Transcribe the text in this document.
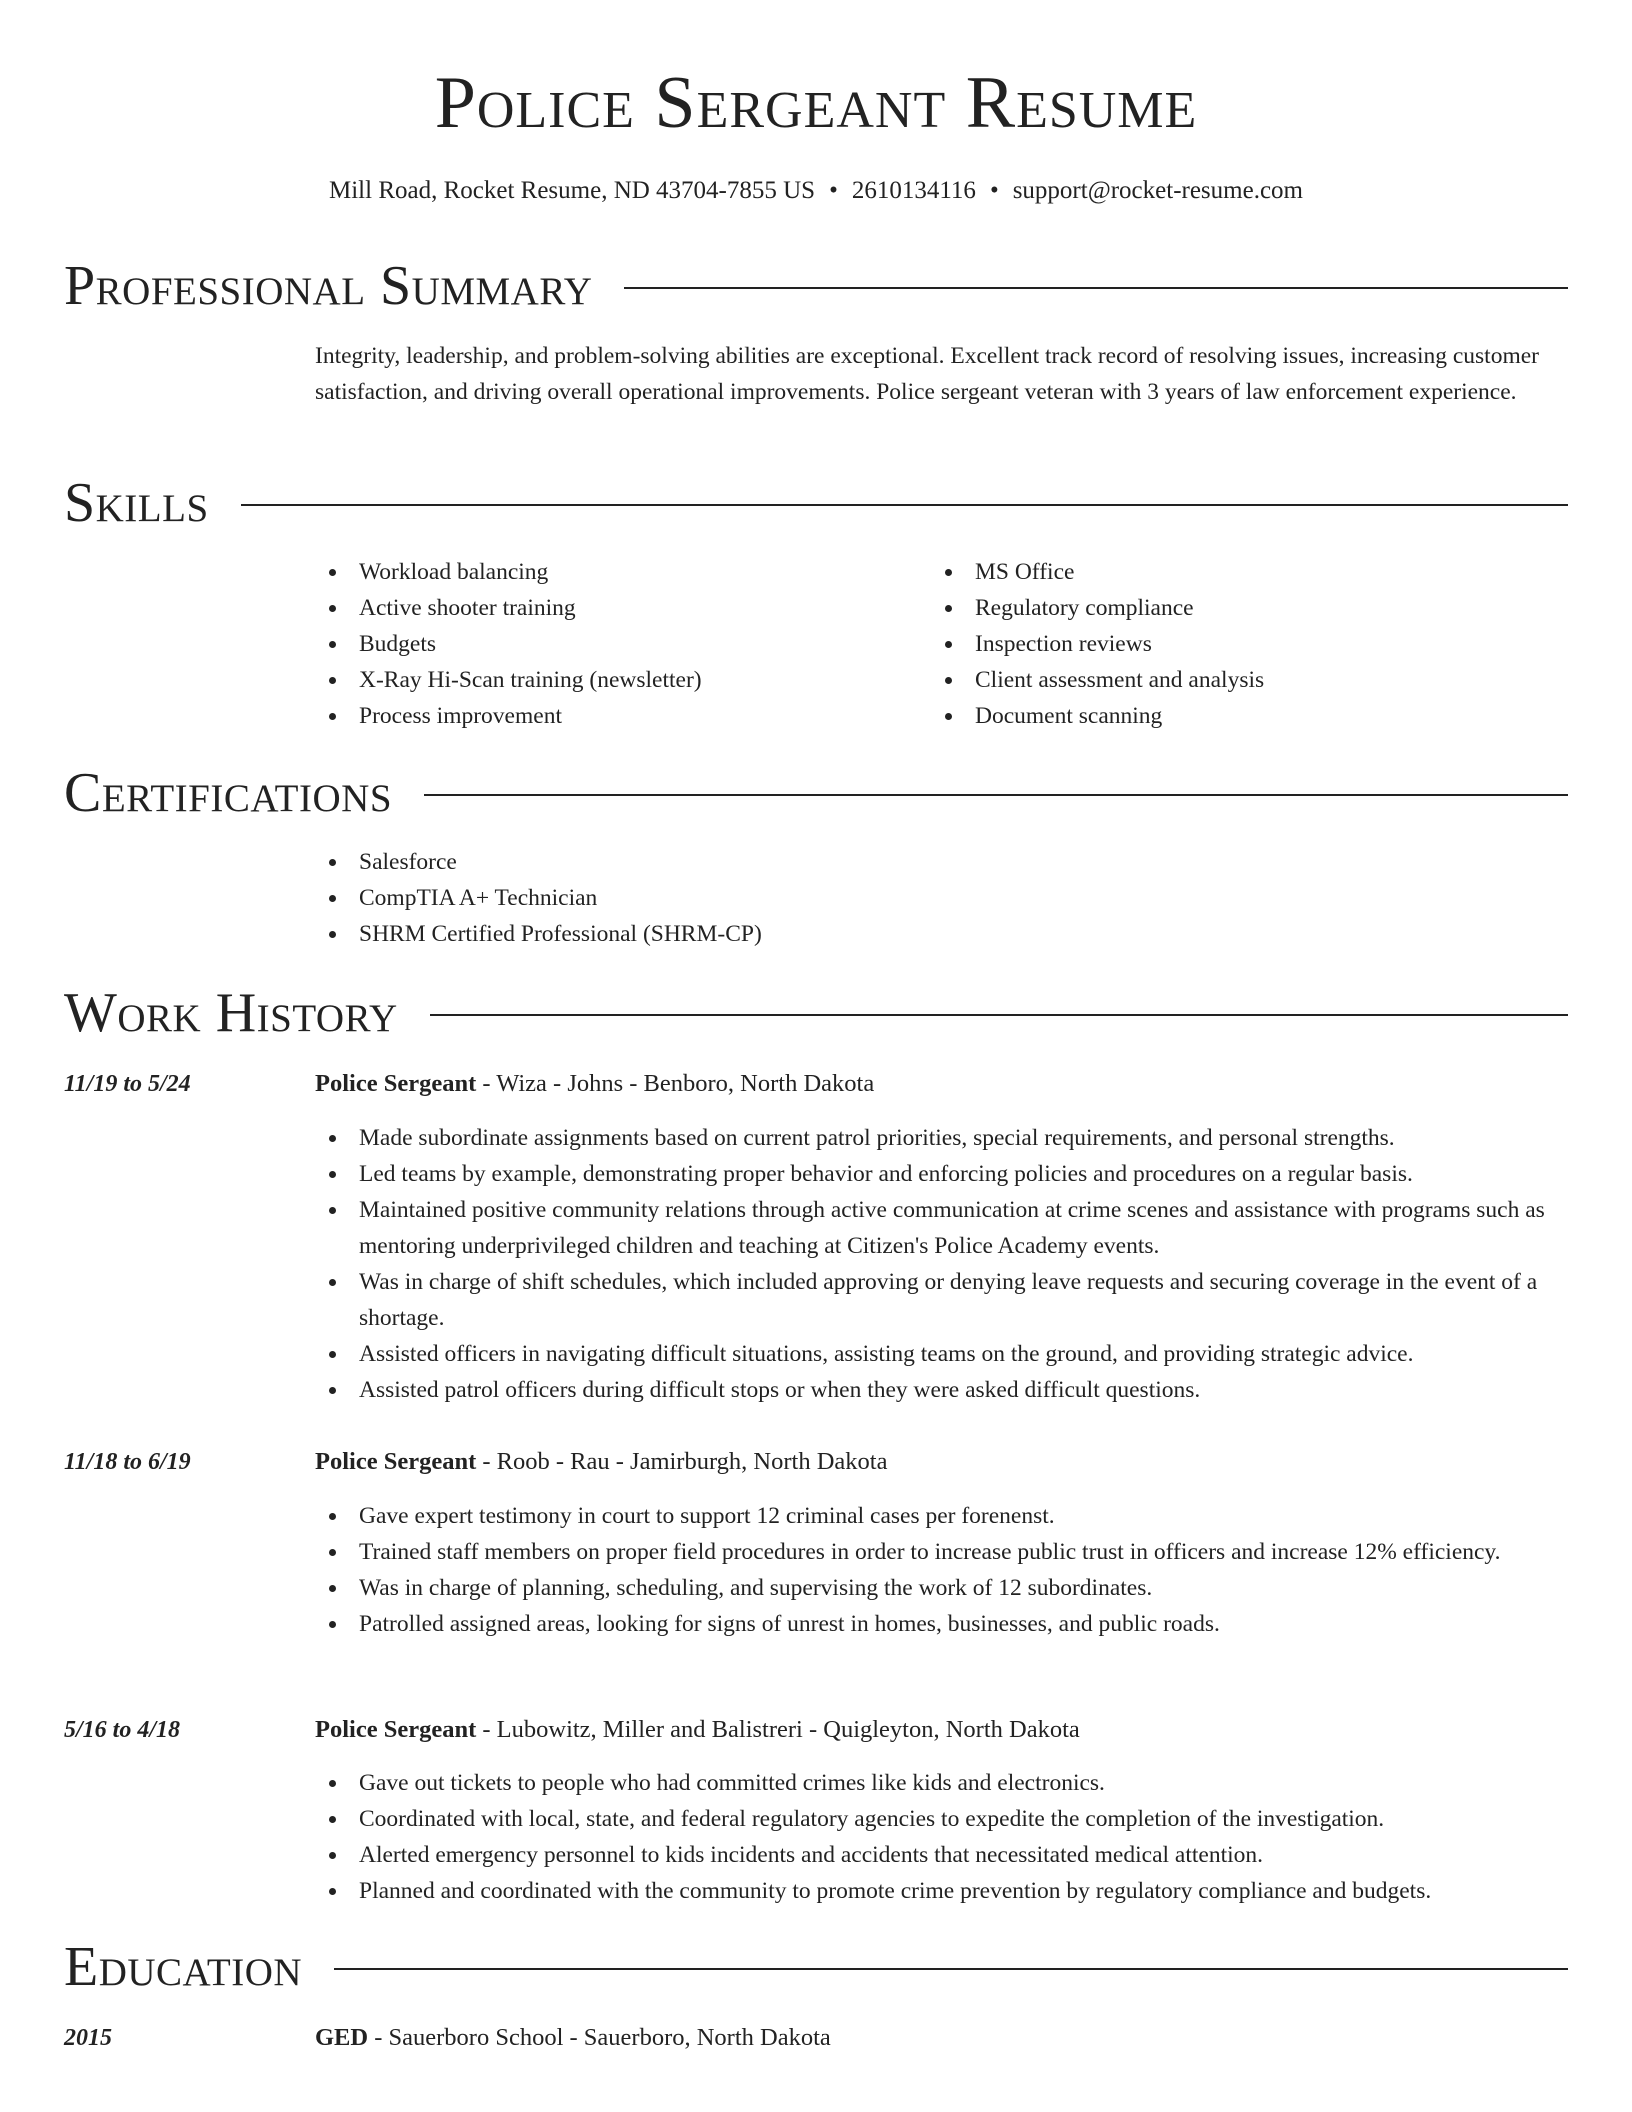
Police Sergeant Resume
Mill Road, Rocket Resume, ND 43704-7855 US • 2610134116 • support@rocket-resume.com
Professional Summary
Integrity, leadership, and problem-solving abilities are exceptional. Excellent track record of resolving issues, increasing customer satisfaction, and driving overall operational improvements. Police sergeant veteran with 3 years of law enforcement experience.
Skills
Workload balancing
Active shooter training
Budgets
X-Ray Hi-Scan training (newsletter)
Process improvement
MS Office
Regulatory compliance
Inspection reviews
Client assessment and analysis
Document scanning
Certifications
Salesforce
CompTIA A+ Technician
SHRM Certified Professional (SHRM-CP)
Work History
11/19 to 5/24	Police Sergeant - Wiza - Johns - Benboro, North Dakota
Made subordinate assignments based on current patrol priorities, special requirements, and personal strengths.
Led teams by example, demonstrating proper behavior and enforcing policies and procedures on a regular basis.
Maintained positive community relations through active communication at crime scenes and assistance with programs such as mentoring underprivileged children and teaching at Citizen's Police Academy events.
Was in charge of shift schedules, which included approving or denying leave requests and securing coverage in the event of a shortage.
Assisted officers in navigating difficult situations, assisting teams on the ground, and providing strategic advice.
Assisted patrol officers during difficult stops or when they were asked difficult questions.
11/18 to 6/19	Police Sergeant - Roob - Rau - Jamirburgh, North Dakota
Gave expert testimony in court to support 12 criminal cases per forenenst.
Trained staff members on proper field procedures in order to increase public trust in officers and increase 12% efficiency.
Was in charge of planning, scheduling, and supervising the work of 12 subordinates.
Patrolled assigned areas, looking for signs of unrest in homes, businesses, and public roads.
5/16 to 4/18	Police Sergeant - Lubowitz, Miller and Balistreri - Quigleyton, North Dakota
Gave out tickets to people who had committed crimes like kids and electronics.
Coordinated with local, state, and federal regulatory agencies to expedite the completion of the investigation.
Alerted emergency personnel to kids incidents and accidents that necessitated medical attention.
Planned and coordinated with the community to promote crime prevention by regulatory compliance and budgets.
Education
2015	GED - Sauerboro School - Sauerboro, North Dakota
